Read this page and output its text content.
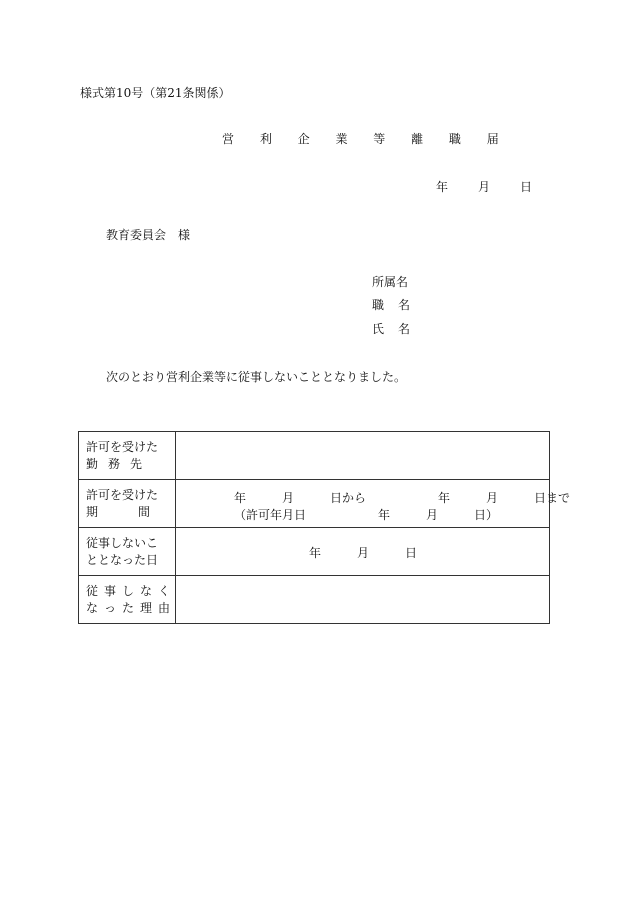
様式第10号（第21条関係）
営 利 企 業 等 離 職 届
年	月	日
教育委員会　様
所属名
職名
氏名
次のとおり営利企業等に従事しないこととなりました。
許可を受けた
勤務先	

許可を受けた
期間	年　　　月　　　日から　　　　　　年　　　月　　　日まで
（許可年月日　　　　　　年　　　月　　　日）

従事しないこ
ととなった日	年　　　月　　　日

従事しなく
なった理由	
